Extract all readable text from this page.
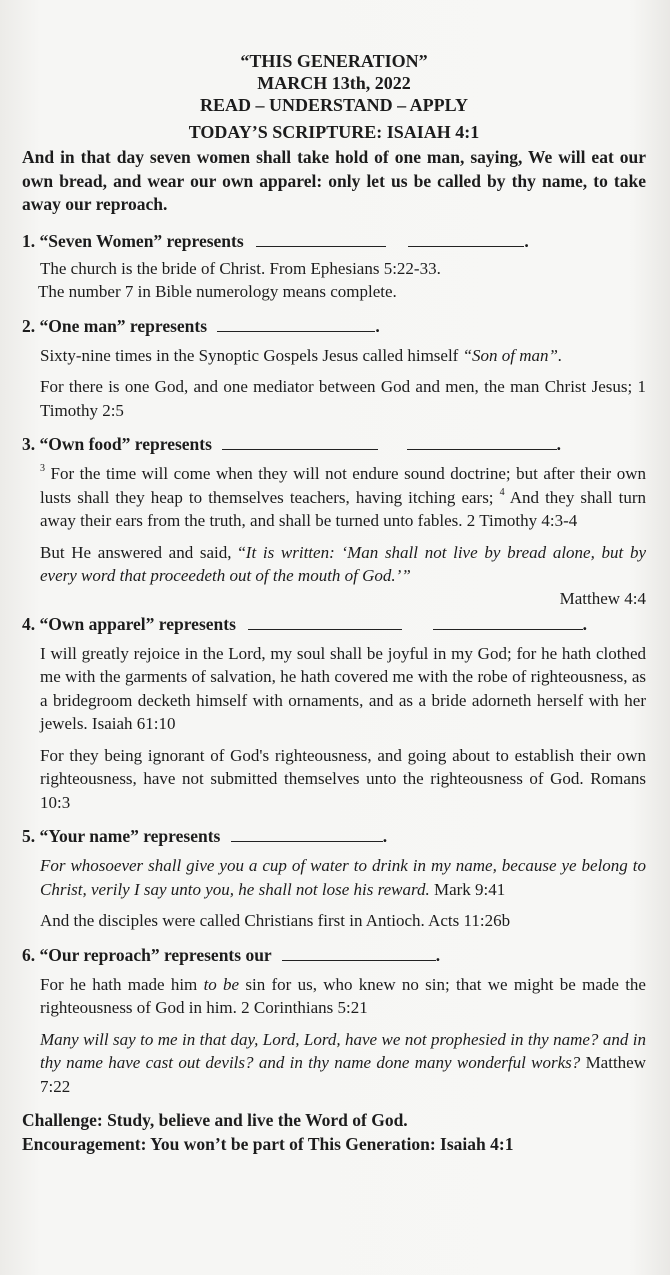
“THIS GENERATION”
MARCH 13th, 2022
READ – UNDERSTAND – APPLY
TODAY’S SCRIPTURE: ISAIAH 4:1
And in that day seven women shall take hold of one man, saying, We will eat our own bread, and wear our own apparel: only let us be called by thy name, to take away our reproach.
1. “Seven Women” represents	.
The church is the bride of Christ. From Ephesians 5:22-33.
The number 7 in Bible numerology means complete.
2. “One man” represents	.
Sixty-nine times in the Synoptic Gospels Jesus called himself “Son of man”.
For there is one God, and one mediator between God and men, the man Christ Jesus; 1 Timothy 2:5
3. “Own food” represents	.
$^3$ For the time will come when they will not endure sound doctrine; but after their own lusts shall they heap to themselves teachers, having itching ears; $^4$ And they shall turn away their ears from the truth, and shall be turned unto fables. 2 Timothy 4:3-4
But He answered and said, “It is written: ‘Man shall not live by bread alone, but by every word that proceedeth out of the mouth of God.’”
Matthew 4:4
4. “Own apparel” represents	.
I will greatly rejoice in the Lord, my soul shall be joyful in my God; for he hath clothed me with the garments of salvation, he hath covered me with the robe of righteousness, as a bridegroom decketh himself with ornaments, and as a bride adorneth herself with her jewels. Isaiah 61:10
For they being ignorant of God's righteousness, and going about to establish their own righteousness, have not submitted themselves unto the righteousness of God. Romans 10:3
5. “Your name” represents	.
For whosoever shall give you a cup of water to drink in my name, because ye belong to Christ, verily I say unto you, he shall not lose his reward. Mark 9:41
And the disciples were called Christians first in Antioch. Acts 11:26b
6. “Our reproach” represents our	.
For he hath made him to be sin for us, who knew no sin; that we might be made the righteousness of God in him. 2 Corinthians 5:21
Many will say to me in that day, Lord, Lord, have we not prophesied in thy name? and in thy name have cast out devils? and in thy name done many wonderful works? Matthew 7:22
Challenge: Study, believe and live the Word of God.
Encouragement: You won’t be part of This Generation: Isaiah 4:1
